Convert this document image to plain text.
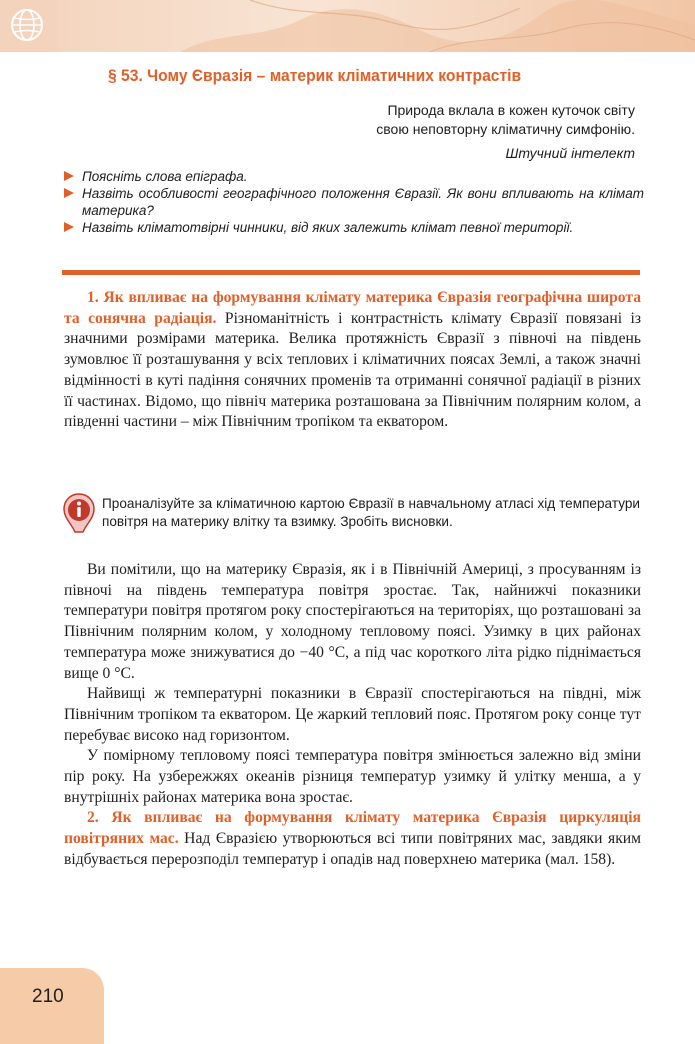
§ 53. Чому Євразія – материк кліматичних контрастів
Природа вклала в кожен куточок світу
свою неповторну кліматичну симфонію.
Штучний інтелект
Поясніть слова епіграфа.
Назвіть особливості географічного положення Євразії. Як вони впливають на клімат материка?
Назвіть кліматотвірні чинники, від яких залежить клімат певної території.

1. Як впливає на формування клімату материка Євразія географічна широта та сонячна радіація. Різноманітність і контрастність клімату Євразії повязані із значними розмірами материка. Велика протяжність Євразії з півночі на південь зумовлює її розташування у всіх теплових і кліматичних поясах Землі, а також значні відмінності в куті падіння сонячних променів та отриманні сонячної радіації в різних її частинах. Відомо, що північ материка розташована за Північним полярним колом, а південні частини – між Північним тропіком та екватором.

Проаналізуйте за кліматичною картою Євразії в навчальному атласі хід температури повітря на материку влітку та взимку. Зробіть висновки.

Ви помітили, що на материку Євразія, як і в Північній Америці, з просуванням із півночі на південь температура повітря зростає. Так, найнижчі показники температури повітря протягом року спостерігаються на територіях, що розташовані за Північним полярним колом, у холодному тепловому поясі. Узимку в цих районах температура може знижуватися до −40 °С, а під час короткого літа рідко піднімається вище 0 °С.

Найвищі ж температурні показники в Євразії спостерігаються на півдні, між Північним тропіком та екватором. Це жаркий тепловий пояс. Протягом року сонце тут перебуває високо над горизонтом.

У помірному тепловому поясі температура повітря змінюється залежно від зміни пір року. На узбережжях океанів різниця температур узимку й улітку менша, а у внутрішніх районах материка вона зростає.

2. Як впливає на формування клімату материка Євразія циркуляція повітряних мас. Над Євразією утворюються всі типи повітряних мас, завдяки яким відбувається перерозподіл температур і опадів над поверхнею материка (мал. 158).

210
